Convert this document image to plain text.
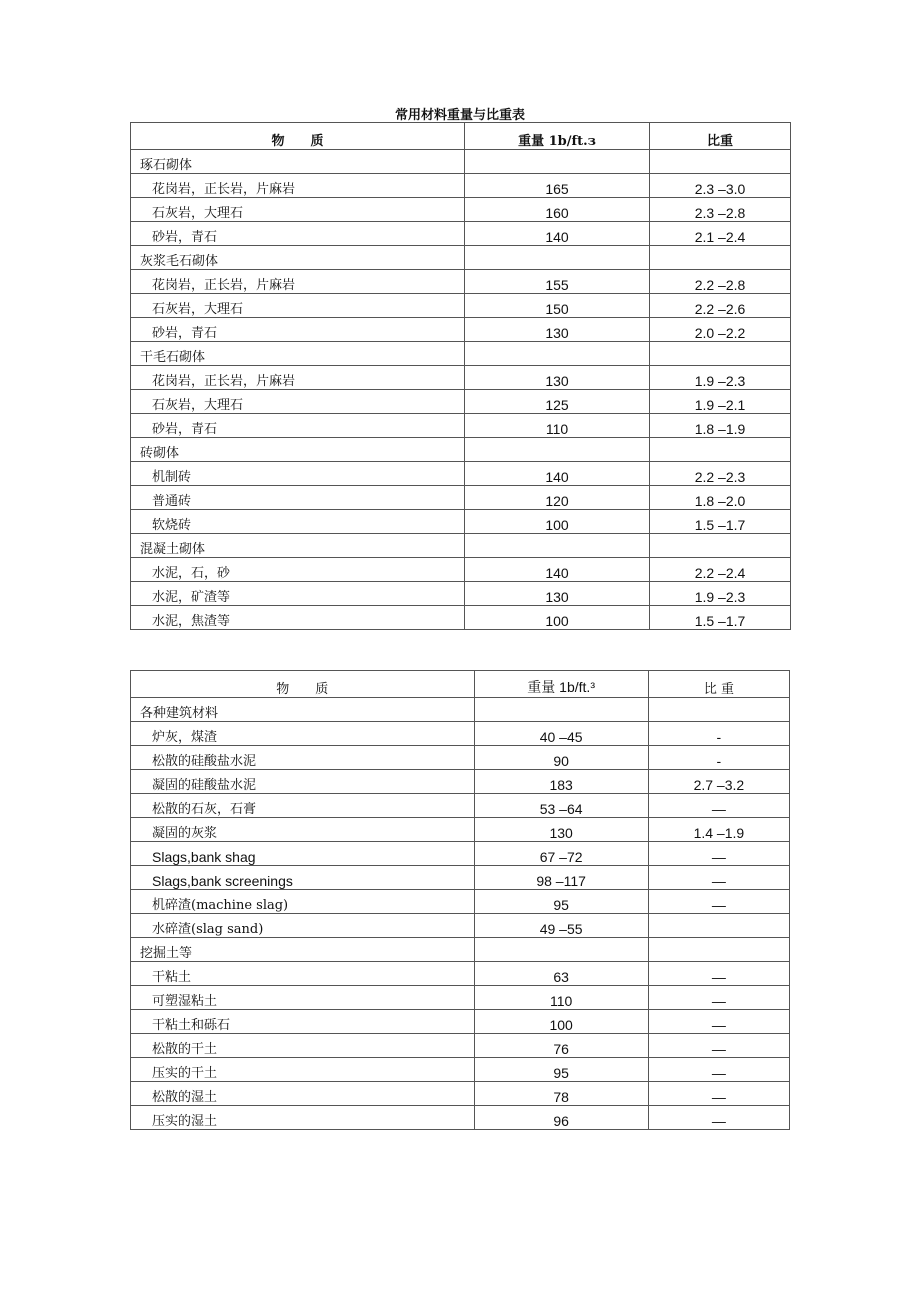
常用材料重量与比重表
物　　质	重量 1b/ft.з	比重
琢石砌体		
花岗岩，正长岩，片麻岩	165	2.3 –3.0
石灰岩，大理石	160	2.3 –2.8
砂岩，青石	140	2.1 –2.4
灰浆毛石砌体		
花岗岩，正长岩，片麻岩	155	2.2 –2.8
石灰岩，大理石	150	2.2 –2.6
砂岩，青石	130	2.0 –2.2
干毛石砌体		
花岗岩，正长岩，片麻岩	130	1.9 –2.3
石灰岩，大理石	125	1.9 –2.1
砂岩，青石	110	1.8 –1.9
砖砌体		
机制砖	140	2.2 –2.3
普通砖	120	1.8 –2.0
软烧砖	100	1.5 –1.7
混凝土砌体		
水泥，石，砂	140	2.2 –2.4
水泥，矿渣等	130	1.9 –2.3
水泥，焦渣等	100	1.5 –1.7
物　　质	重量 1b/ft.³	比 重
各种建筑材料		
炉灰，煤渣	40 –45	-
松散的硅酸盐水泥	90	-
凝固的硅酸盐水泥	183	2.7 –3.2
松散的石灰，石膏	53 –64	—
凝固的灰浆	130	1.4 –1.9
Slags,bank shag	67 –72	—
Slags,bank screenings	98 –117	—
机碎渣(machine slag)	95	—
水碎渣(slag sand)	49 –55	
挖掘土等		
干粘土	63	—
可塑湿粘土	110	—
干粘土和砾石	100	—
松散的干土	76	—
压实的干土	95	—
松散的湿土	78	—
压实的湿土	96	—
